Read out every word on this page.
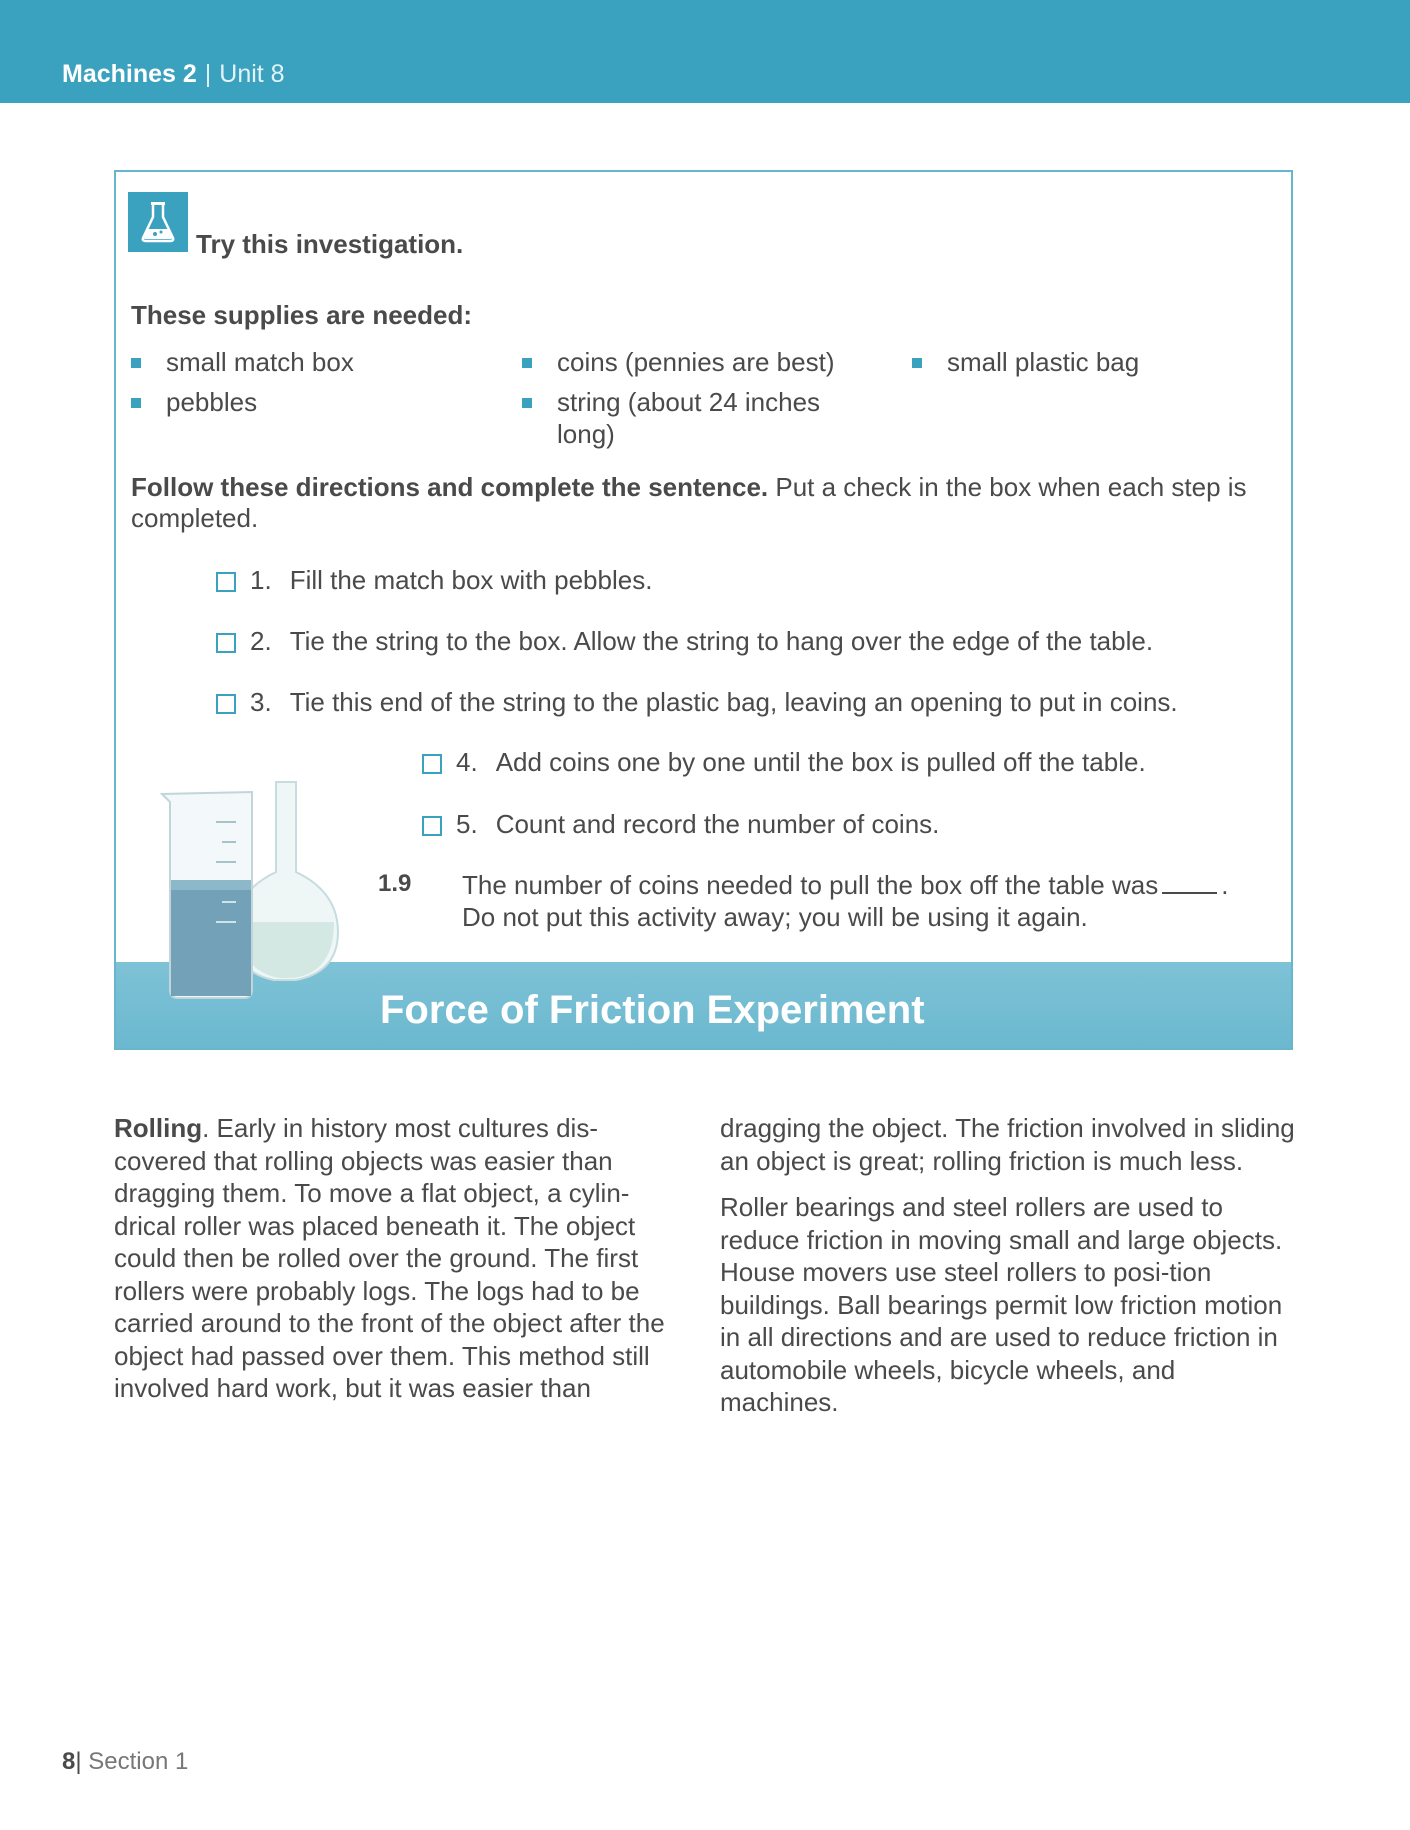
Machines 2 | Unit 8
Try this investigation.
These supplies are needed:
small match box
pebbles
coins (pennies are best)
string (about 24 inches long)
small plastic bag
Follow these directions and complete the sentence. Put a check in the box when each step is completed.
1. Fill the match box with pebbles.
2. Tie the string to the box. Allow the string to hang over the edge of the table.
3. Tie this end of the string to the plastic bag, leaving an opening to put in coins.
4. Add coins one by one until the box is pulled off the table.
5. Count and record the number of coins.
1.9 The number of coins needed to pull the box off the table was .
Do not put this activity away; you will be using it again.
Force of Friction Experiment

Rolling. Early in history most cultures dis-covered that rolling objects was easier than dragging them. To move a flat object, a cylin-drical roller was placed beneath it. The object could then be rolled over the ground. The first rollers were probably logs. The logs had to be carried around to the front of the object after the object had passed over them. This method still involved hard work, but it was easier than

dragging the object. The friction involved in sliding an object is great; rolling friction is much less.

Roller bearings and steel rollers are used to reduce friction in moving small and large objects. House movers use steel rollers to posi-tion buildings. Ball bearings permit low friction motion in all directions and are used to reduce friction in automobile wheels, bicycle wheels, and machines.

8| Section 1
